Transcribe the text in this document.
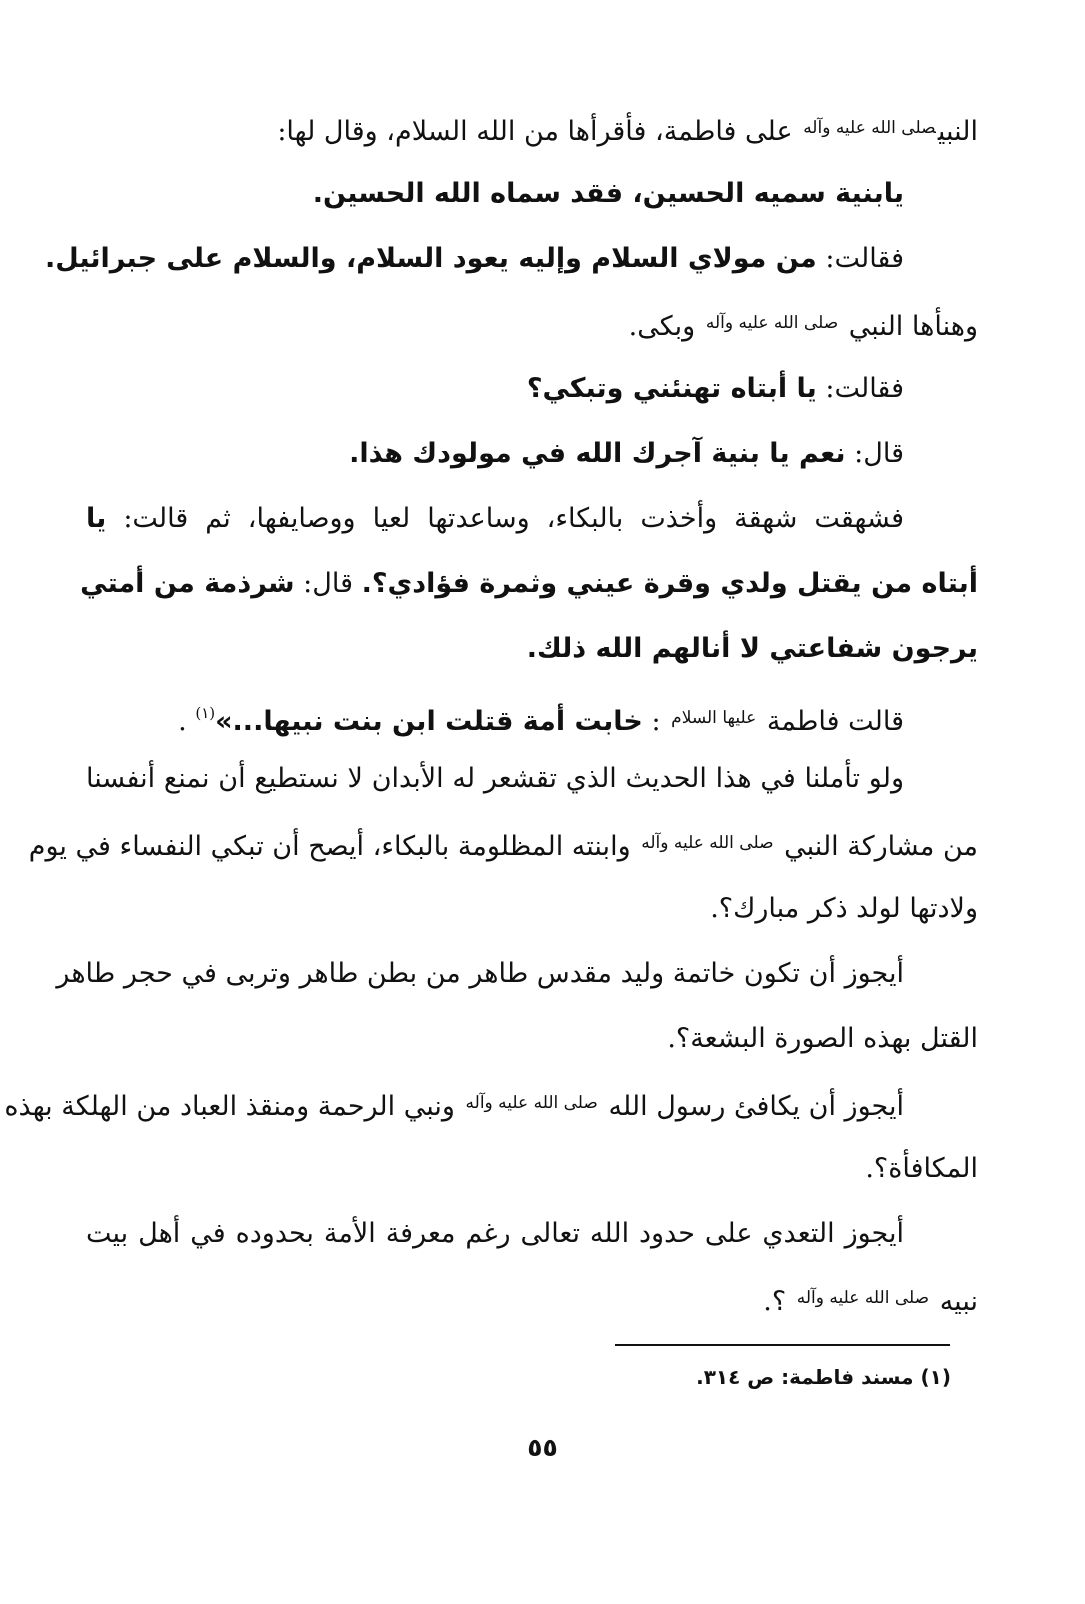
النبي$^{صلى الله عليه وآله}$ على فاطمة، فأقرأها من الله السلام، وقال لها:
يابنية سميه الحسين، فقد سماه الله الحسين.
فقالت: من مولاي السلام وإليه يعود السلام، والسلام على جبرائيل.
وهنأها النبي $^{صلى الله عليه وآله}$ وبكى.
فقالت: يا أبتاه تهنئني وتبكي؟
قال: نعم يا بنية آجرك الله في مولودك هذا.
فشهقت شهقة وأخذت بالبكاء، وساعدتها لعيا ووصايفها، ثم قالت: يا
أبتاه من يقتل ولدي وقرة عيني وثمرة فؤادي؟. قال: شرذمة من أمتي
يرجون شفاعتي لا أنالهم الله ذلك.
قالت فاطمة $^{عليها السلام}$ : خابت أمة قتلت ابن بنت نبيها...»$^{(١)}$ .
ولو تأملنا في هذا الحديث الذي تقشعر له الأبدان لا نستطيع أن نمنع أنفسنا
من مشاركة النبي $^{صلى الله عليه وآله}$ وابنته المظلومة بالبكاء، أيصح أن تبكي النفساء في يوم
ولادتها لولد ذكر مبارك؟.
أيجوز أن تكون خاتمة وليد مقدس طاهر من بطن طاهر وتربى في حجر طاهر
القتل بهذه الصورة البشعة؟.
أيجوز أن يكافئ رسول الله $^{صلى الله عليه وآله}$ ونبي الرحمة ومنقذ العباد من الهلكة بهذه
المكافأة؟.
أيجوز التعدي على حدود الله تعالى رغم معرفة الأمة بحدوده في أهل بيت
نبيه $^{صلى الله عليه وآله}$ ؟.
(١) مسند فاطمة: ص ٣١٤.
٥٥
